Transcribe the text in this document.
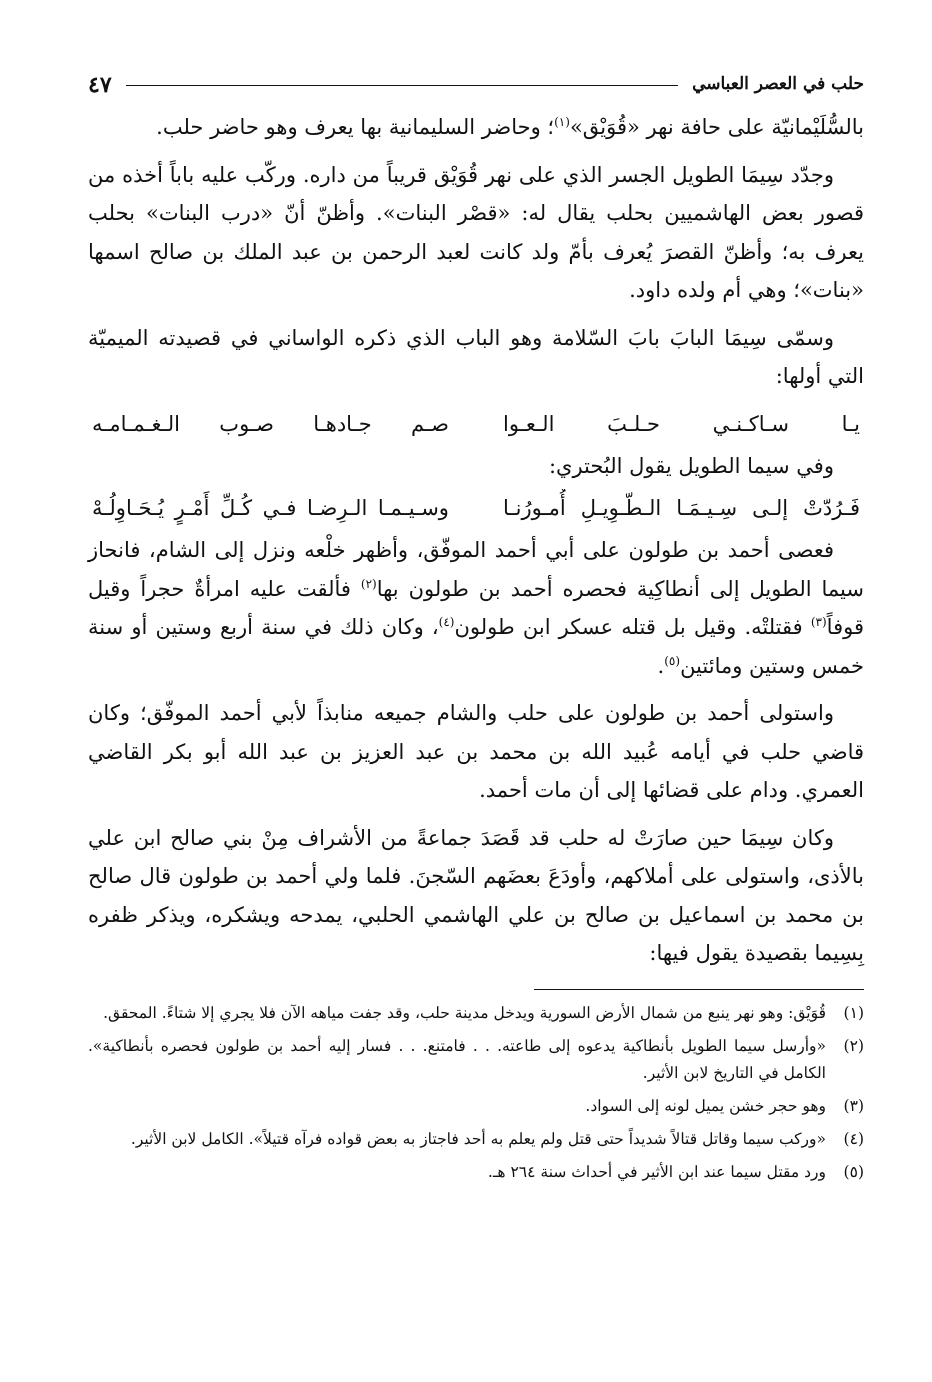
حلب في العصر العباسي
٤٧

بالسُّلَيْمانيّة على حافة نهر «قُوَيْق»$^{(١)}$؛ وحاضر السليمانية بها يعرف وهو حاضر حلب.

وجدّد سِيمَا الطويل الجسر الذي على نهر قُوَيْق قريباً من داره. وركّب عليه باباً أخذه من قصور بعض الهاشميين بحلب يقال له: «قصْر البنات». وأظنّ أنّ «درب البنات» بحلب يعرف به؛ وأظنّ القصرَ يُعرف بأمّ ولد كانت لعبد الرحمن بن عبد الملك بن صالح اسمها «بنات»؛ وهي أم ولده داود.

وسمّى سِيمَا البابَ بابَ السّلامة وهو الباب الذي ذكره الواساني في قصيدته الميميّة التي أولها:

يـا سـاكـنـي حـلـبَ الـعـوا
صـم جـادهـا صـوب الـغـمـامـه

وفي سيما الطويل يقول البُحتري:

فَـرُدّتْ إلـى سِـيـمَـا الـطّـوِيـلِ أُمـورُنـا
وسـيـمـا الـرِضـا فـي كُـلِّ أَمْـرٍ يُـحَـاوِلُـهْ

فعصى أحمد بن طولون على أبي أحمد الموفّق، وأظهر خلْعه ونزل إلى الشام، فانحاز سيما الطويل إلى أنطاكِية فحصره أحمد بن طولون بها$^{(٢)}$ فألقت عليه امرأةٌ حجراً وقيل قوفاً$^{(٣)}$ فقتلتْه. وقيل بل قتله عسكر ابن طولون$^{(٤)}$، وكان ذلك في سنة أربع وستين أو سنة خمس وستين ومائتين$^{(٥)}$.

واستولى أحمد بن طولون على حلب والشام جميعه منابذاً لأبي أحمد الموفّق؛ وكان قاضي حلب في أيامه عُبيد الله بن محمد بن عبد العزيز بن عبد الله أبو بكر القاضي العمري. ودام على قضائها إلى أن مات أحمد.

وكان سِيمَا حين صارَتْ له حلب قد قَصَدَ جماعةً من الأشراف مِنْ بني صالح ابن علي بالأذى، واستولى على أملاكهم، وأودَعَ بعضَهم السّجنَ. فلما ولي أحمد بن طولون قال صالح بن محمد بن اسماعيل بن صالح بن علي الهاشمي الحلبي، يمدحه ويشكره، ويذكر ظفره بِسِيما بقصيدة يقول فيها:

(١)
قُوَيْق: وهو نهر ينبع من شمال الأرض السورية ويدخل مدينة حلب، وقد جفت مياهه الآن فلا يجري إلا شتاءً. المحقق.
(٢)
«وأرسل سيما الطويل بأنطاكية يدعوه إلى طاعته. . . فامتنع. . . فسار إليه أحمد بن طولون فحصره بأنطاكية». الكامل في التاريخ لابن الأثير.
(٣)
وهو حجر خشن يميل لونه إلى السواد.
(٤)
«وركب سيما وقاتل قتالاً شديداً حتى قتل ولم يعلم به أحد فاجتاز به بعض قواده فرآه قتيلاً». الكامل لابن الأثير.
(٥)
ورد مقتل سيما عند ابن الأثير في أحداث سنة ٢٦٤ هـ.
